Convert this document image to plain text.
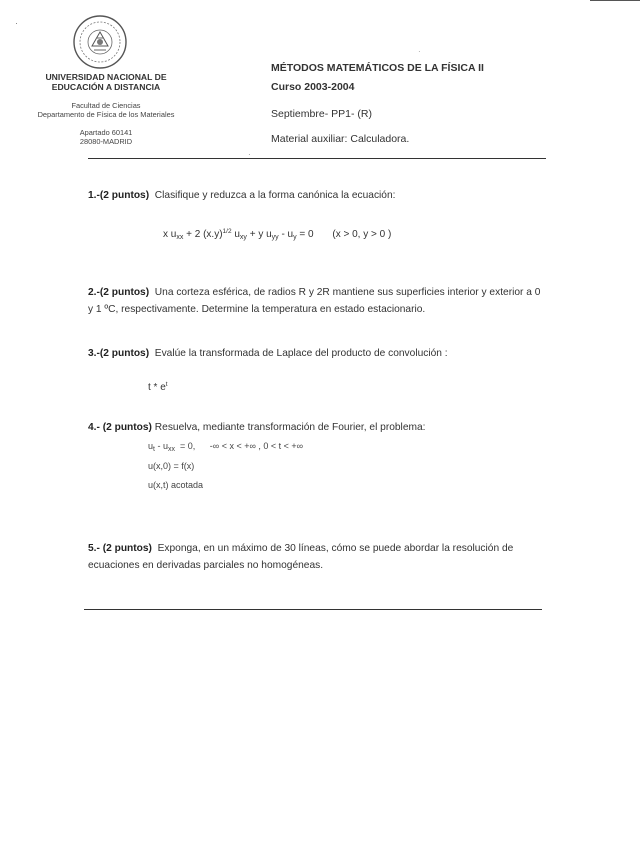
·
·
UNIVERSIDAD NACIONAL DE
EDUCACIÓN A DISTANCIA
Facultad de Ciencias
Departamento de Física de los Materiales
Apartado 60141
28080-MADRID
MÉTODOS MATEMÁTICOS DE LA FÍSICA II
Curso 2003-2004
Septiembre- PP1- (R)
Material auxiliar: Calculadora.
·
1.-(2 puntos) Clasifique y reduzca a la forma canónica la ecuación:
x $u_{xx} + 2$ $(x.y)^{1/2}$ $u_{xy} + y$ $u_{yy} - u_y = 0$ (x > 0, y > 0 )
2.-(2 puntos) Una corteza esférica, de radios R y 2R mantiene sus superficies interior y exterior a 0 y 1 ºC, respectivamente. Determine la temperatura en estado estacionario.
3.-(2 puntos) Evalúe la transformada de Laplace del producto de convolución :
t * $e^t$
4.- (2 puntos) Resuelva, mediante transformación de Fourier, el problema:
$u_t - u_{xx} = 0$, -∞ < x < +∞ , 0 < t < +∞
u(x,0) = f(x)
u(x,t) acotada
5.- (2 puntos) Exponga, en un máximo de 30 líneas, cómo se puede abordar la resolución de ecuaciones en derivadas parciales no homogéneas.
